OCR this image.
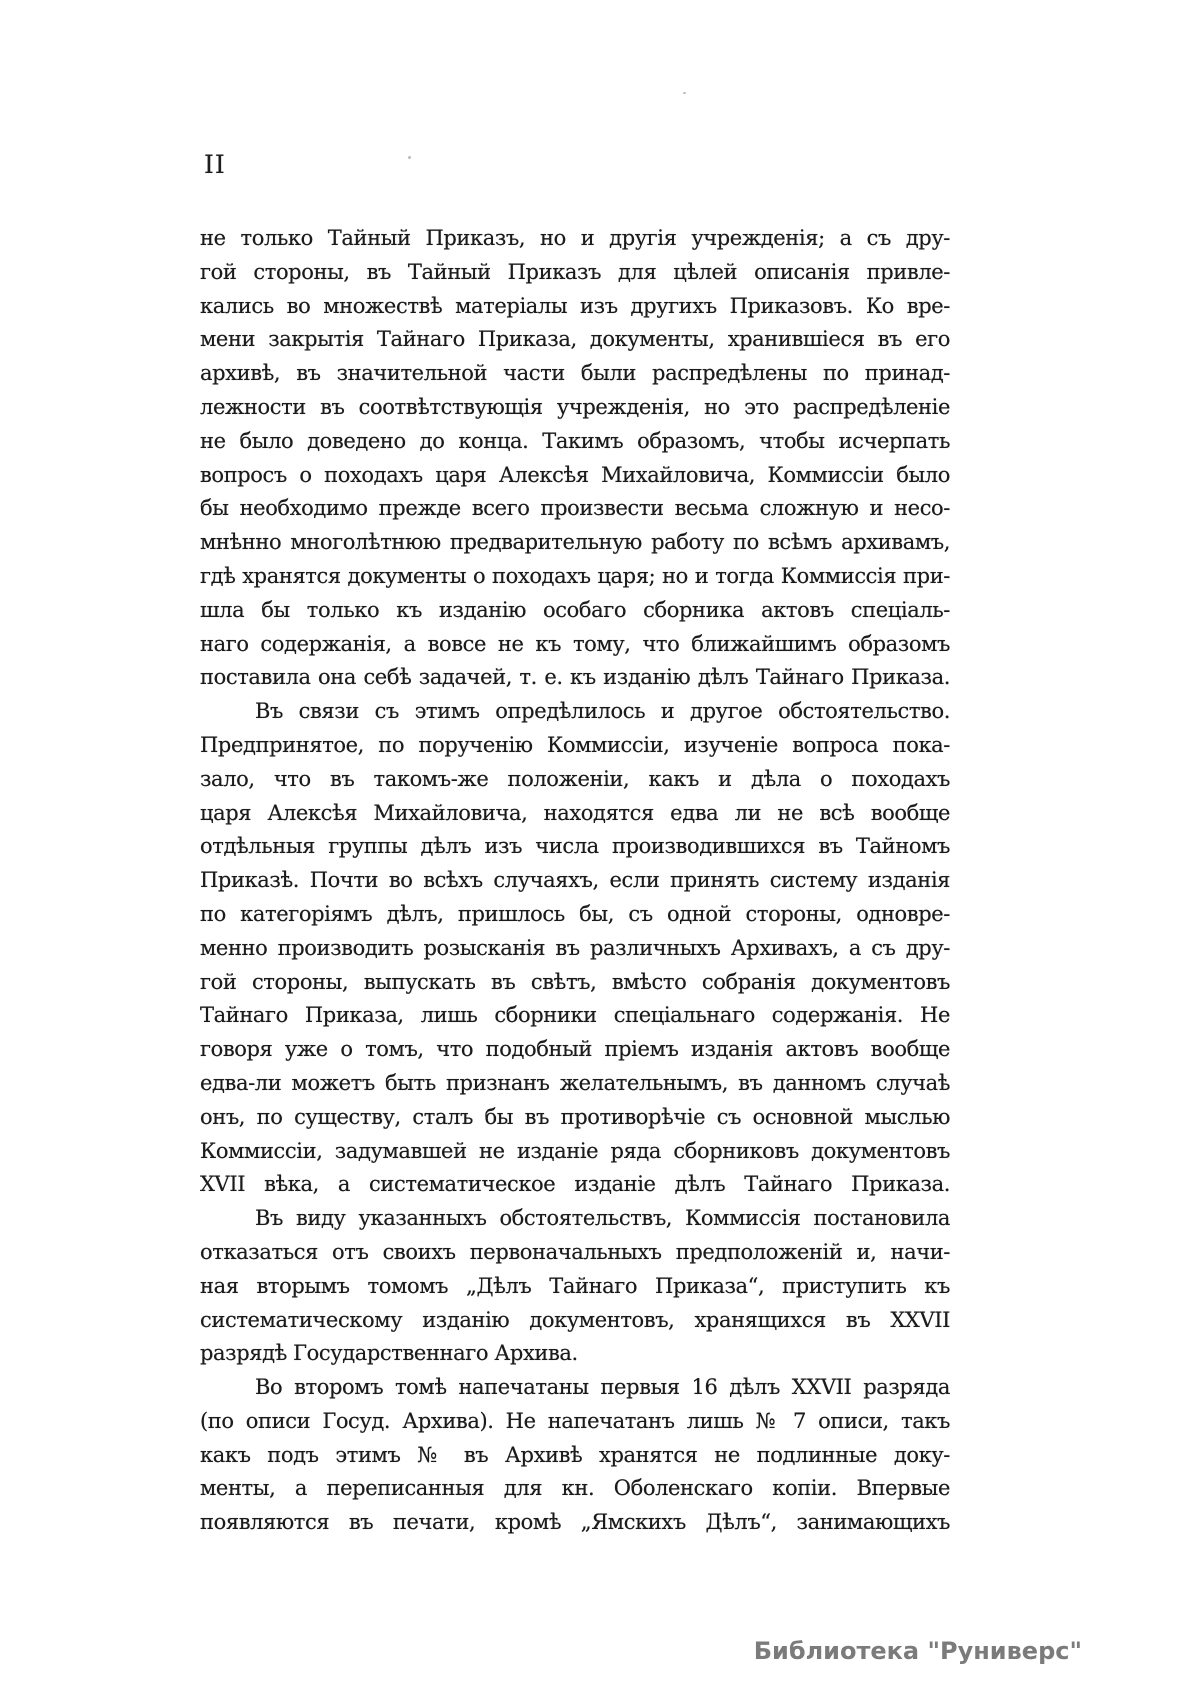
II
не только Тайный Приказъ, но и другія учрежденія; а съ дру-
гой стороны, въ Тайный Приказъ для цѣлей описанія привле-
кались во множествѣ матеріалы изъ другихъ Приказовъ. Ко вре-
мени закрытія Тайнаго Приказа, документы, хранившіеся въ его
архивѣ, въ значительной части были распредѣлены по принад-
лежности въ соотвѣтствующія учрежденія, но это распредѣленіе
не было доведено до конца. Такимъ образомъ, чтобы исчерпать
вопросъ о походахъ царя Алексѣя Михайловича, Коммиссіи было
бы необходимо прежде всего произвести весьма сложную и несо-
мнѣнно многолѣтнюю предварительную работу по всѣмъ архивамъ,
гдѣ хранятся документы о походахъ царя; но и тогда Коммиссія при-
шла бы только къ изданію особаго сборника актовъ спеціаль-
наго содержанія, а вовсе не къ тому, что ближайшимъ образомъ
поставила она себѣ задачей, т. е. къ изданію дѣлъ Тайнаго Приказа.
Въ связи съ этимъ опредѣлилось и другое обстоятельство.
Предпринятое, по порученію Коммиссіи, изученіе вопроса пока-
зало, что въ такомъ-же положеніи, какъ и дѣла о походахъ
царя Алексѣя Михайловича, находятся едва ли не всѣ вообще
отдѣльныя группы дѣлъ изъ числа производившихся въ Тайномъ
Приказѣ. Почти во всѣхъ случаяхъ, если принять систему изданія
по категоріямъ дѣлъ, пришлось бы, съ одной стороны, одновре-
менно производить розысканія въ различныхъ Архивахъ, а съ дру-
гой стороны, выпускать въ свѣтъ, вмѣсто собранія документовъ
Тайнаго Приказа, лишь сборники спеціальнаго содержанія. Не
говоря уже о томъ, что подобный пріемъ изданія актовъ вообще
едва-ли можетъ быть признанъ желательнымъ, въ данномъ случаѣ
онъ, по существу, сталъ бы въ противорѣчіе съ основной мыслью
Коммиссіи, задумавшей не изданіе ряда сборниковъ документовъ
XVII вѣка, а систематическое изданіе дѣлъ Тайнаго Приказа.
Въ виду указанныхъ обстоятельствъ, Коммиссія постановила
отказаться отъ своихъ первоначальныхъ предположеній и, начи-
ная вторымъ томомъ „Дѣлъ Тайнаго Приказа“, приступить къ
систематическому изданію документовъ, хранящихся въ XXVII
разрядѣ Государственнаго Архива.
Во второмъ томѣ напечатаны первыя 16 дѣлъ XXVII разряда
(по описи Госуд. Архива). Не напечатанъ лишь № 7 описи, такъ
какъ подъ этимъ № въ Архивѣ хранятся не подлинные доку-
менты, а переписанныя для кн. Оболенскаго копіи. Впервые
появляются въ печати, кромѣ „Ямскихъ Дѣлъ“, занимающихъ
Библиотека "Руниверс"
